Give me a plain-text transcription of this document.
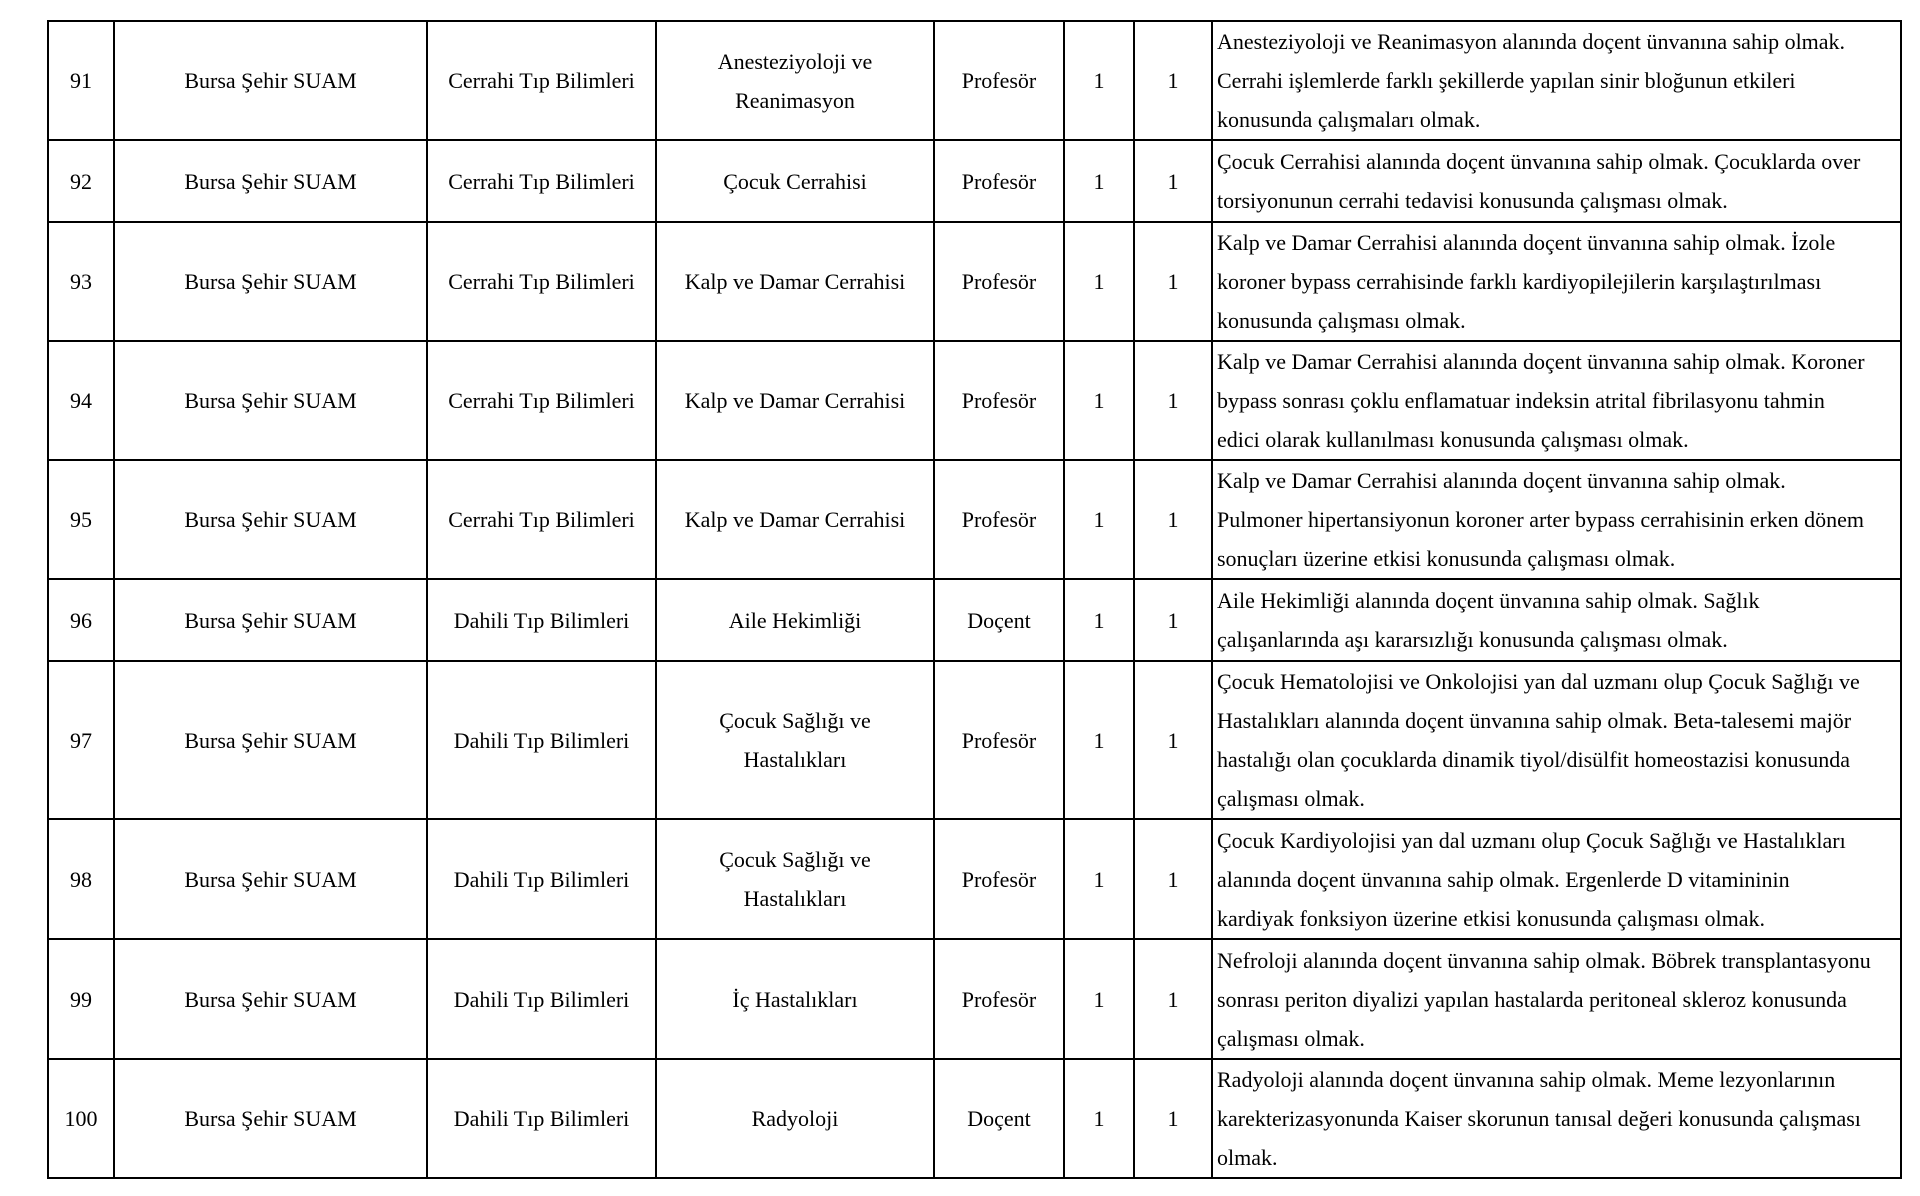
91	Bursa Şehir SUAM	Cerrahi Tıp Bilimleri	Anesteziyoloji ve
Reanimasyon	Profesör	1	1	Anesteziyoloji ve Reanimasyon alanında doçent ünvanına sahip olmak.
Cerrahi işlemlerde farklı şekillerde yapılan sinir bloğunun etkileri
konusunda çalışmaları olmak.

92	Bursa Şehir SUAM	Cerrahi Tıp Bilimleri	Çocuk Cerrahisi	Profesör	1	1	Çocuk Cerrahisi alanında doçent ünvanına sahip olmak. Çocuklarda over
torsiyonunun cerrahi tedavisi konusunda çalışması olmak.

93	Bursa Şehir SUAM	Cerrahi Tıp Bilimleri	Kalp ve Damar Cerrahisi	Profesör	1	1	Kalp ve Damar Cerrahisi alanında doçent ünvanına sahip olmak. İzole
koroner bypass cerrahisinde farklı kardiyopilejilerin karşılaştırılması
konusunda çalışması olmak.

94	Bursa Şehir SUAM	Cerrahi Tıp Bilimleri	Kalp ve Damar Cerrahisi	Profesör	1	1	Kalp ve Damar Cerrahisi alanında doçent ünvanına sahip olmak. Koroner
bypass sonrası çoklu enflamatuar indeksin atrital fibrilasyonu tahmin
edici olarak kullanılması konusunda çalışması olmak.

95	Bursa Şehir SUAM	Cerrahi Tıp Bilimleri	Kalp ve Damar Cerrahisi	Profesör	1	1	Kalp ve Damar Cerrahisi alanında doçent ünvanına sahip olmak.
Pulmoner hipertansiyonun koroner arter bypass cerrahisinin erken dönem
sonuçları üzerine etkisi konusunda çalışması olmak.

96	Bursa Şehir SUAM	Dahili Tıp Bilimleri	Aile Hekimliği	Doçent	1	1	Aile Hekimliği alanında doçent ünvanına sahip olmak. Sağlık
çalışanlarında aşı kararsızlığı konusunda çalışması olmak.

97	Bursa Şehir SUAM	Dahili Tıp Bilimleri	Çocuk Sağlığı ve
Hastalıkları	Profesör	1	1	Çocuk Hematolojisi ve Onkolojisi yan dal uzmanı olup Çocuk Sağlığı ve
Hastalıkları alanında doçent ünvanına sahip olmak. Beta-talesemi majör
hastalığı olan çocuklarda dinamik tiyol/disülfit homeostazisi konusunda
çalışması olmak.

98	Bursa Şehir SUAM	Dahili Tıp Bilimleri	Çocuk Sağlığı ve
Hastalıkları	Profesör	1	1	Çocuk Kardiyolojisi yan dal uzmanı olup Çocuk Sağlığı ve Hastalıkları
alanında doçent ünvanına sahip olmak. Ergenlerde D vitamininin
kardiyak fonksiyon üzerine etkisi konusunda çalışması olmak.

99	Bursa Şehir SUAM	Dahili Tıp Bilimleri	İç Hastalıkları	Profesör	1	1	Nefroloji alanında doçent ünvanına sahip olmak. Böbrek transplantasyonu
sonrası periton diyalizi yapılan hastalarda peritoneal skleroz konusunda
çalışması olmak.

100	Bursa Şehir SUAM	Dahili Tıp Bilimleri	Radyoloji	Doçent	1	1	Radyoloji alanında doçent ünvanına sahip olmak. Meme lezyonlarının
karekterizasyonunda Kaiser skorunun tanısal değeri konusunda çalışması
olmak.
